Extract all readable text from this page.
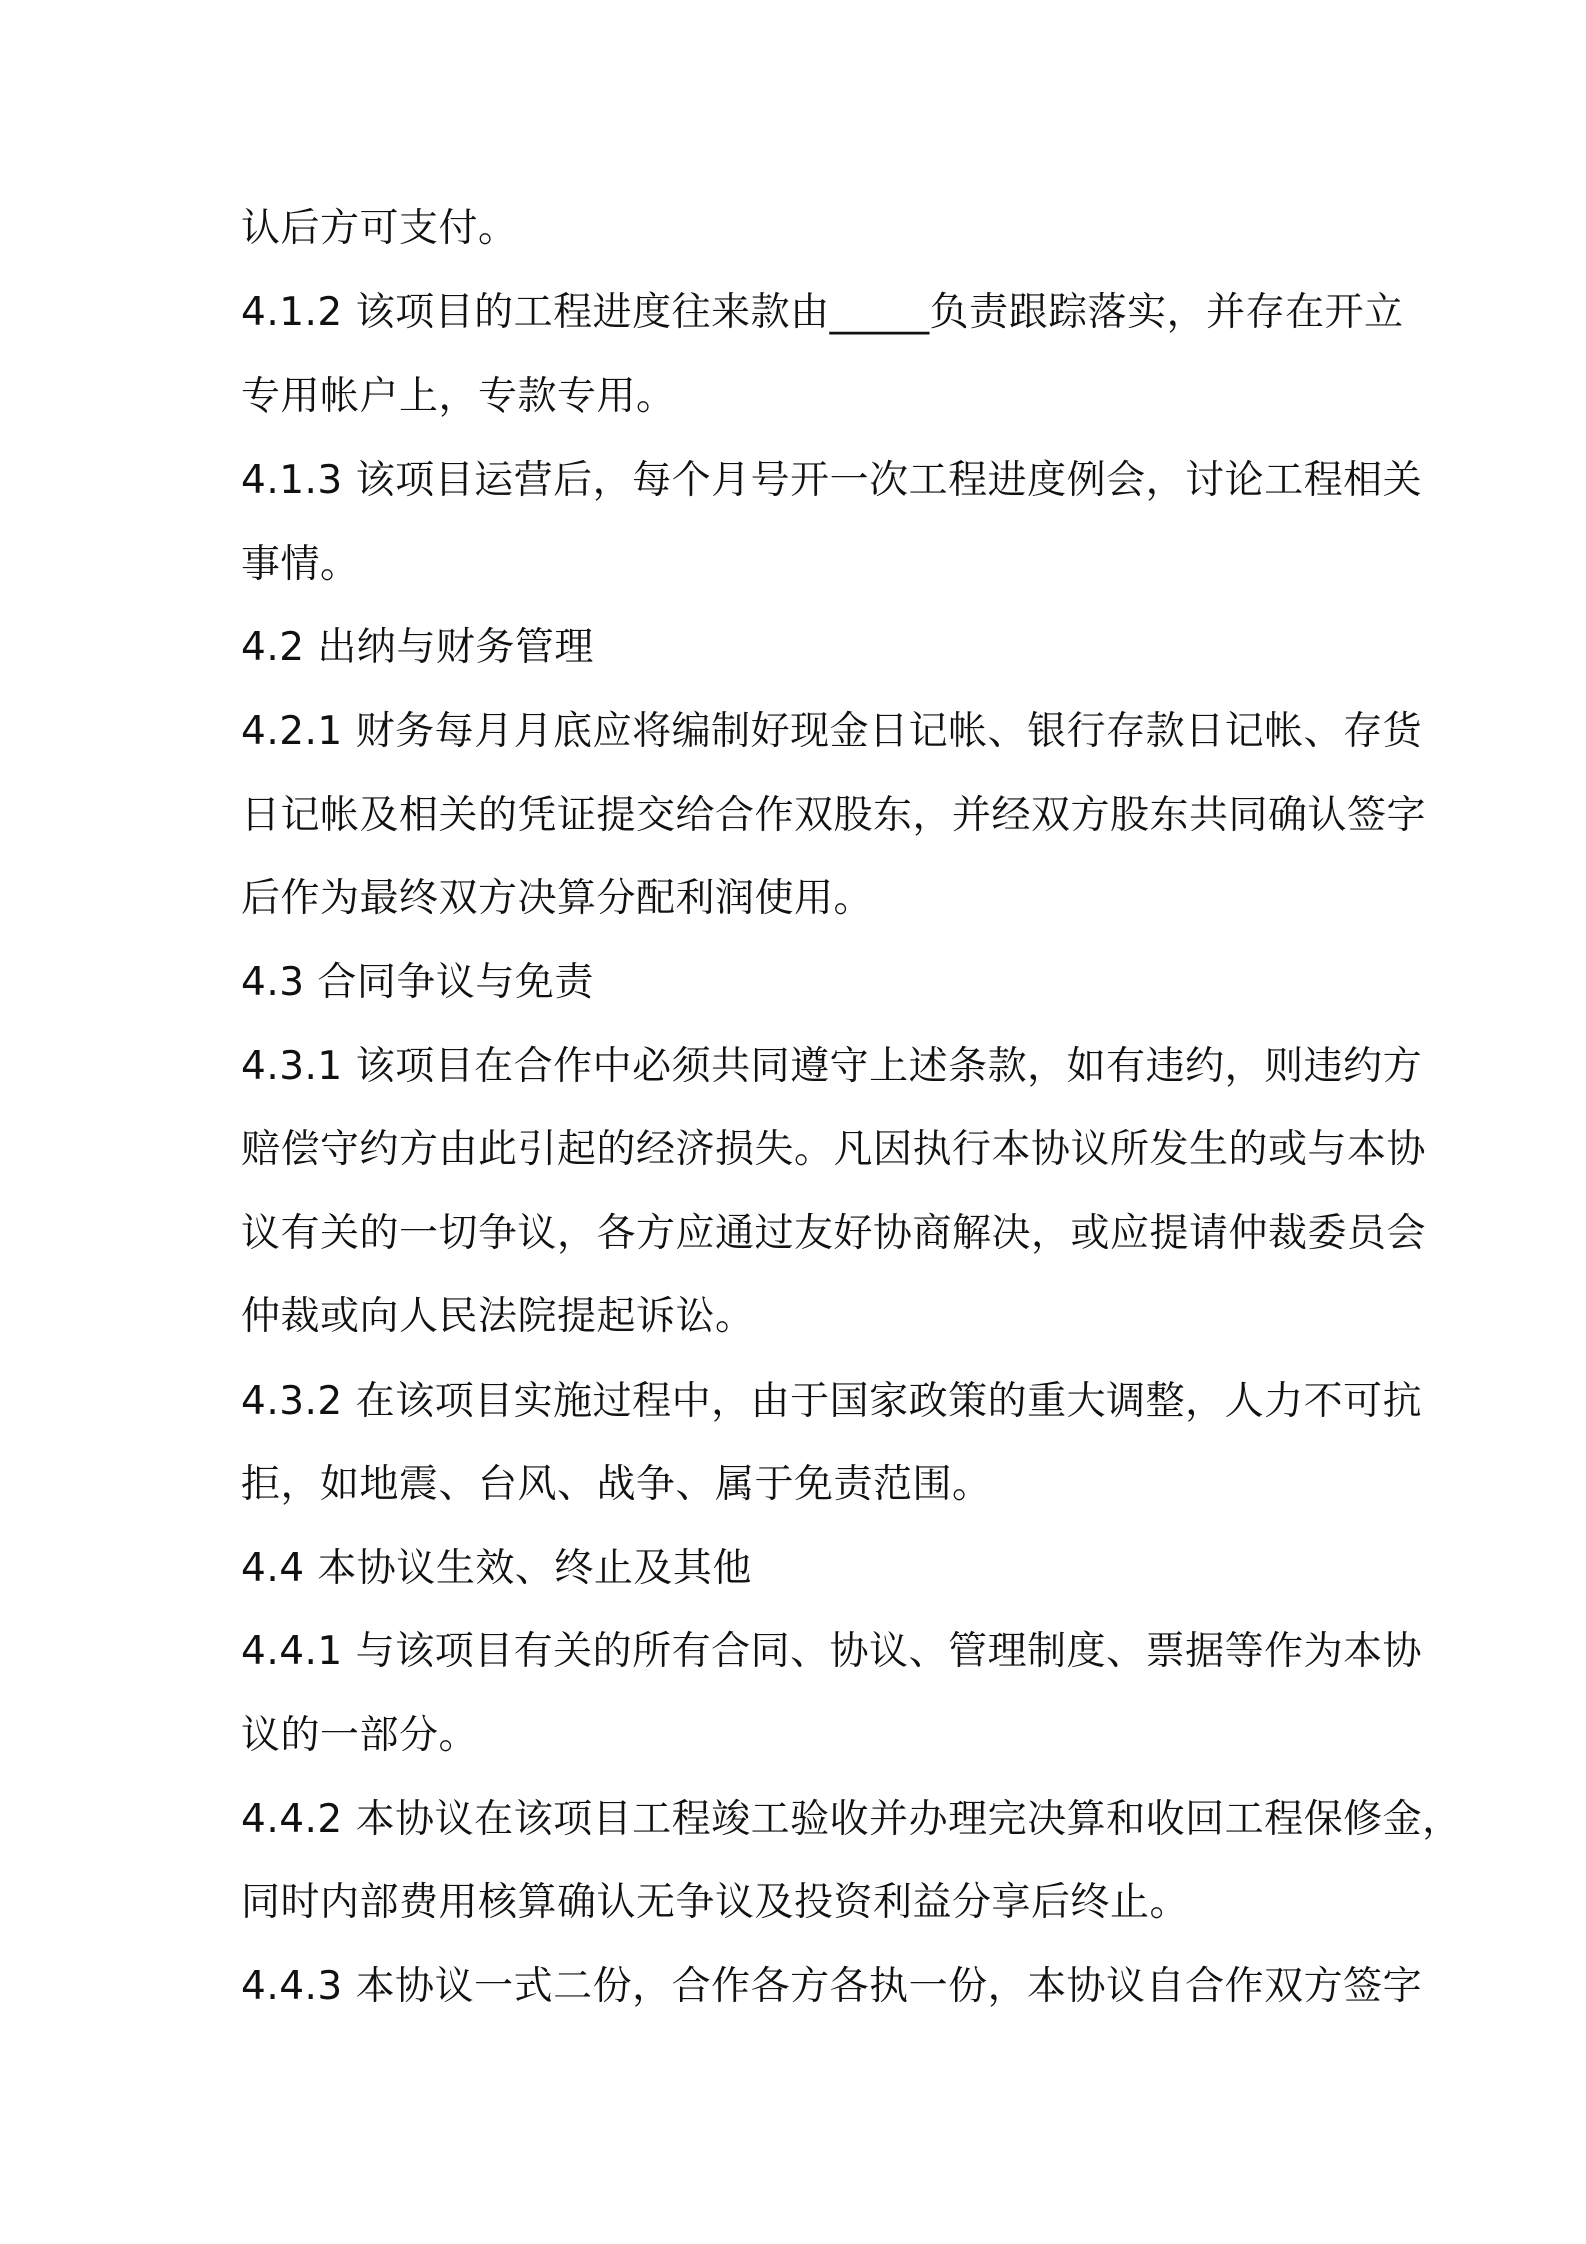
认后方可支付。
4.1.2 该项目的工程进度往来款由_____负责跟踪落实，并存在开立
专用帐户上，专款专用。
4.1.3 该项目运营后，每个月号开一次工程进度例会，讨论工程相关
事情。
4.2 出纳与财务管理
4.2.1 财务每月月底应将编制好现金日记帐、银行存款日记帐、存货
日记帐及相关的凭证提交给合作双股东，并经双方股东共同确认签字
后作为最终双方决算分配利润使用。
4.3 合同争议与免责
4.3.1 该项目在合作中必须共同遵守上述条款，如有违约，则违约方
赔偿守约方由此引起的经济损失。凡因执行本协议所发生的或与本协
议有关的一切争议，各方应通过友好协商解决，或应提请仲裁委员会
仲裁或向人民法院提起诉讼。
4.3.2 在该项目实施过程中，由于国家政策的重大调整，人力不可抗
拒，如地震、台风、战争、属于免责范围。
4.4 本协议生效、终止及其他
4.4.1 与该项目有关的所有合同、协议、管理制度、票据等作为本协
议的一部分。
4.4.2 本协议在该项目工程竣工验收并办理完决算和收回工程保修金，
同时内部费用核算确认无争议及投资利益分享后终止。
4.4.3 本协议一式二份，合作各方各执一份，本协议自合作双方签字
